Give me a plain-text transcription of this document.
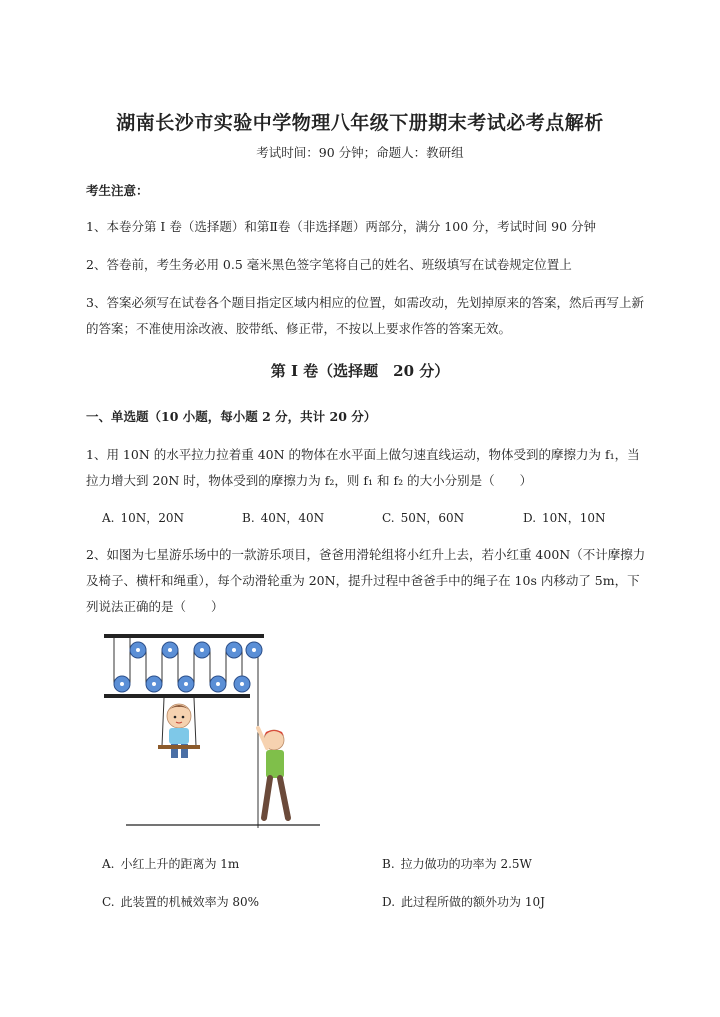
湖南长沙市实验中学物理八年级下册期末考试必考点解析
考试时间：90 分钟；命题人：教研组
考生注意：
1、本卷分第 I 卷（选择题）和第Ⅱ卷（非选择题）两部分，满分 100 分，考试时间 90 分钟
2、答卷前，考生务必用 0.5 毫米黑色签字笔将自己的姓名、班级填写在试卷规定位置上
3、答案必须写在试卷各个题目指定区域内相应的位置，如需改动，先划掉原来的答案，然后再写上新的答案；不准使用涂改液、胶带纸、修正带，不按以上要求作答的答案无效。
第 I 卷（选择题　20 分）
一、单选题（10 小题，每小题 2 分，共计 20 分）
1、用 10N 的水平拉力拉着重 40N 的物体在水平面上做匀速直线运动，物体受到的摩擦力为 f₁，当拉力增大到 20N 时，物体受到的摩擦力为 f₂，则 f₁ 和 f₂ 的大小分别是（　　）
A. 10N，20N	B. 40N，40N	C. 50N，60N	D. 10N，10N
2、如图为七星游乐场中的一款游乐项目，爸爸用滑轮组将小红升上去，若小红重 400N（不计摩擦力及椅子、横杆和绳重），每个动滑轮重为 20N，提升过程中爸爸手中的绳子在 10s 内移动了 5m，下列说法正确的是（　　）
A. 小红上升的距离为 1m	B. 拉力做功的功率为 2.5W
C. 此装置的机械效率为 80%	D. 此过程所做的额外功为 10J
